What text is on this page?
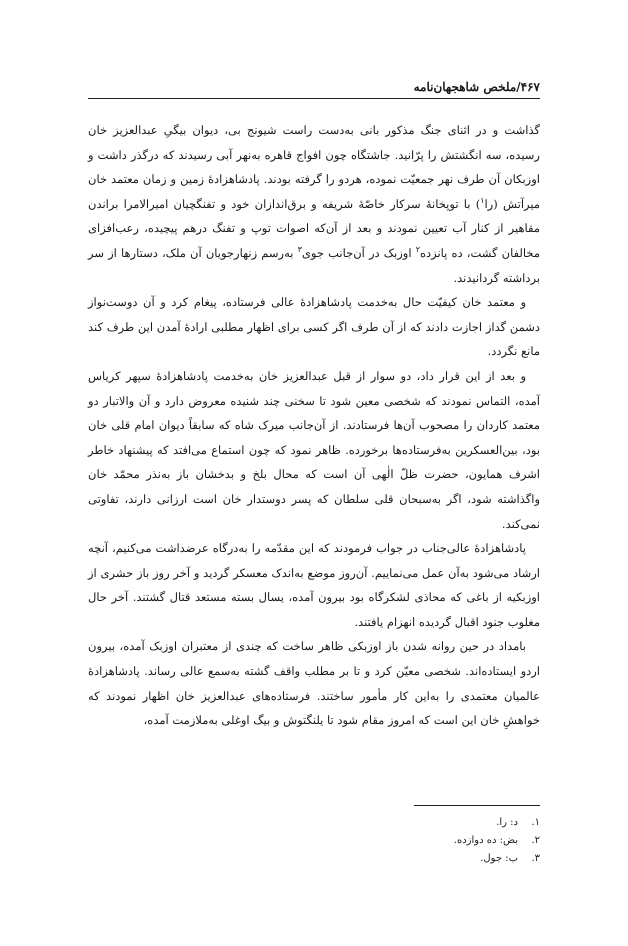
۴۶۷/ملخص شاهجهان‌نامه

گذاشت و در اثنای جنگ مذکور بانی به‌دست راست شیونج بی، دیوان بیگیِ عبدالعزیز خان رسیده، سه انگشتش را پرّانید. جاشتگاه چون افواج قاهره به‌نهر آبی رسیدند که درگذر داشت و اوزبکان آن طرف نهر جمعیّت نموده، هردو را گرفته بودند. پادشاهزادهٔ زمین و زمان معتمد خان میرآتش (را$^۱$) با توپخانهٔ سرکار خاصّهٔ شریفه و برق‌اندازان خود و تفنگچیان امیرالامرا براندن مقاهیر از کنار آب تعیین نمودند و بعد از آن‌که اصوات توپ و تفنگ درهم پیچیده، رعب‌افزای مخالفان گشت، ده پانزده$^۲$ اوزبک در آن‌جانب جوی$^۳$ به‌رسم زنهارجویان آن ملک، دستارها از سر برداشته گردانیدند.

و معتمد خان کیفیّت حال به‌خدمت پادشاهزادهٔ عالی فرستاده، پیغام کرد و آن دوست‌نواز دشمن گداز اجازت دادند که از آن طرف اگر کسی برای اظهار مطلبی ارادهٔ آمدن این طرف کند مانع نگردد.

و بعد از این قرار داد، دو سوار از قبل عبدالعزیز خان به‌خدمت پادشاهزادهٔ سپهر کریاس آمده، التماس نمودند که شخصی معین شود تا سخنی چند شنیده معروض دارد و آن والاتبار دو معتمد کاردان را مصحوب آن‌ها فرستادند. از آن‌جانب میرک شاه که سابقاً دیوان امام قلی خان بود، بین‌العسکرین به‌فرستاده‌ها برخورده. ظاهر نمود که چون استماع می‌افتد که پیشنهاد خاطر اشرف همایون، حضرت ظلّ الٰهی آن است که محال بلخ و بدخشان باز به‌نذر محمّد خان واگذاشته شود، اگر به‌سبحان قلی سلطان که پسر دوستدار خان است ارزانی دارند، تفاوتی نمی‌کند.

پادشاهزادهٔ عالی‌جناب در جواب فرمودند که این مقدّمه را به‌درگاه عرضداشت می‌کنیم، آنچه ارشاد می‌شود به‌آن عمل می‌نماییم. آن‌روز موضع به‌اندک معسکر گردید و آخر روز باز حشری از اوزبکیه از باغی که محاذی لشکرگاه بود بیرون آمده، یسال بسته مستعد قتال گشتند. آخر حال مغلوب جنود اقبال گردیده انهزام یافتند.

بامداد در حین روانه شدن باز اوزبکی ظاهر ساخت که چندی از معتبران اوزبک آمده، بیرون اردو ایستاده‌اند. شخصی معیّن کرد و تا بر مطلب واقف گشته به‌سمع عالی رساند. پادشاهزادهٔ عالمیان معتمدی را به‌این کار مأمور ساختند. فرستاده‌های عبدالعزیز خان اظهار نمودند که خواهشِ خان این است که امروز مقام شود تا یلنگتوش و بیگ اوغلی به‌ملازمت آمده،

۱.
د: را.
۲.
بض: ده دوازده.
۳.
ب: جول.
